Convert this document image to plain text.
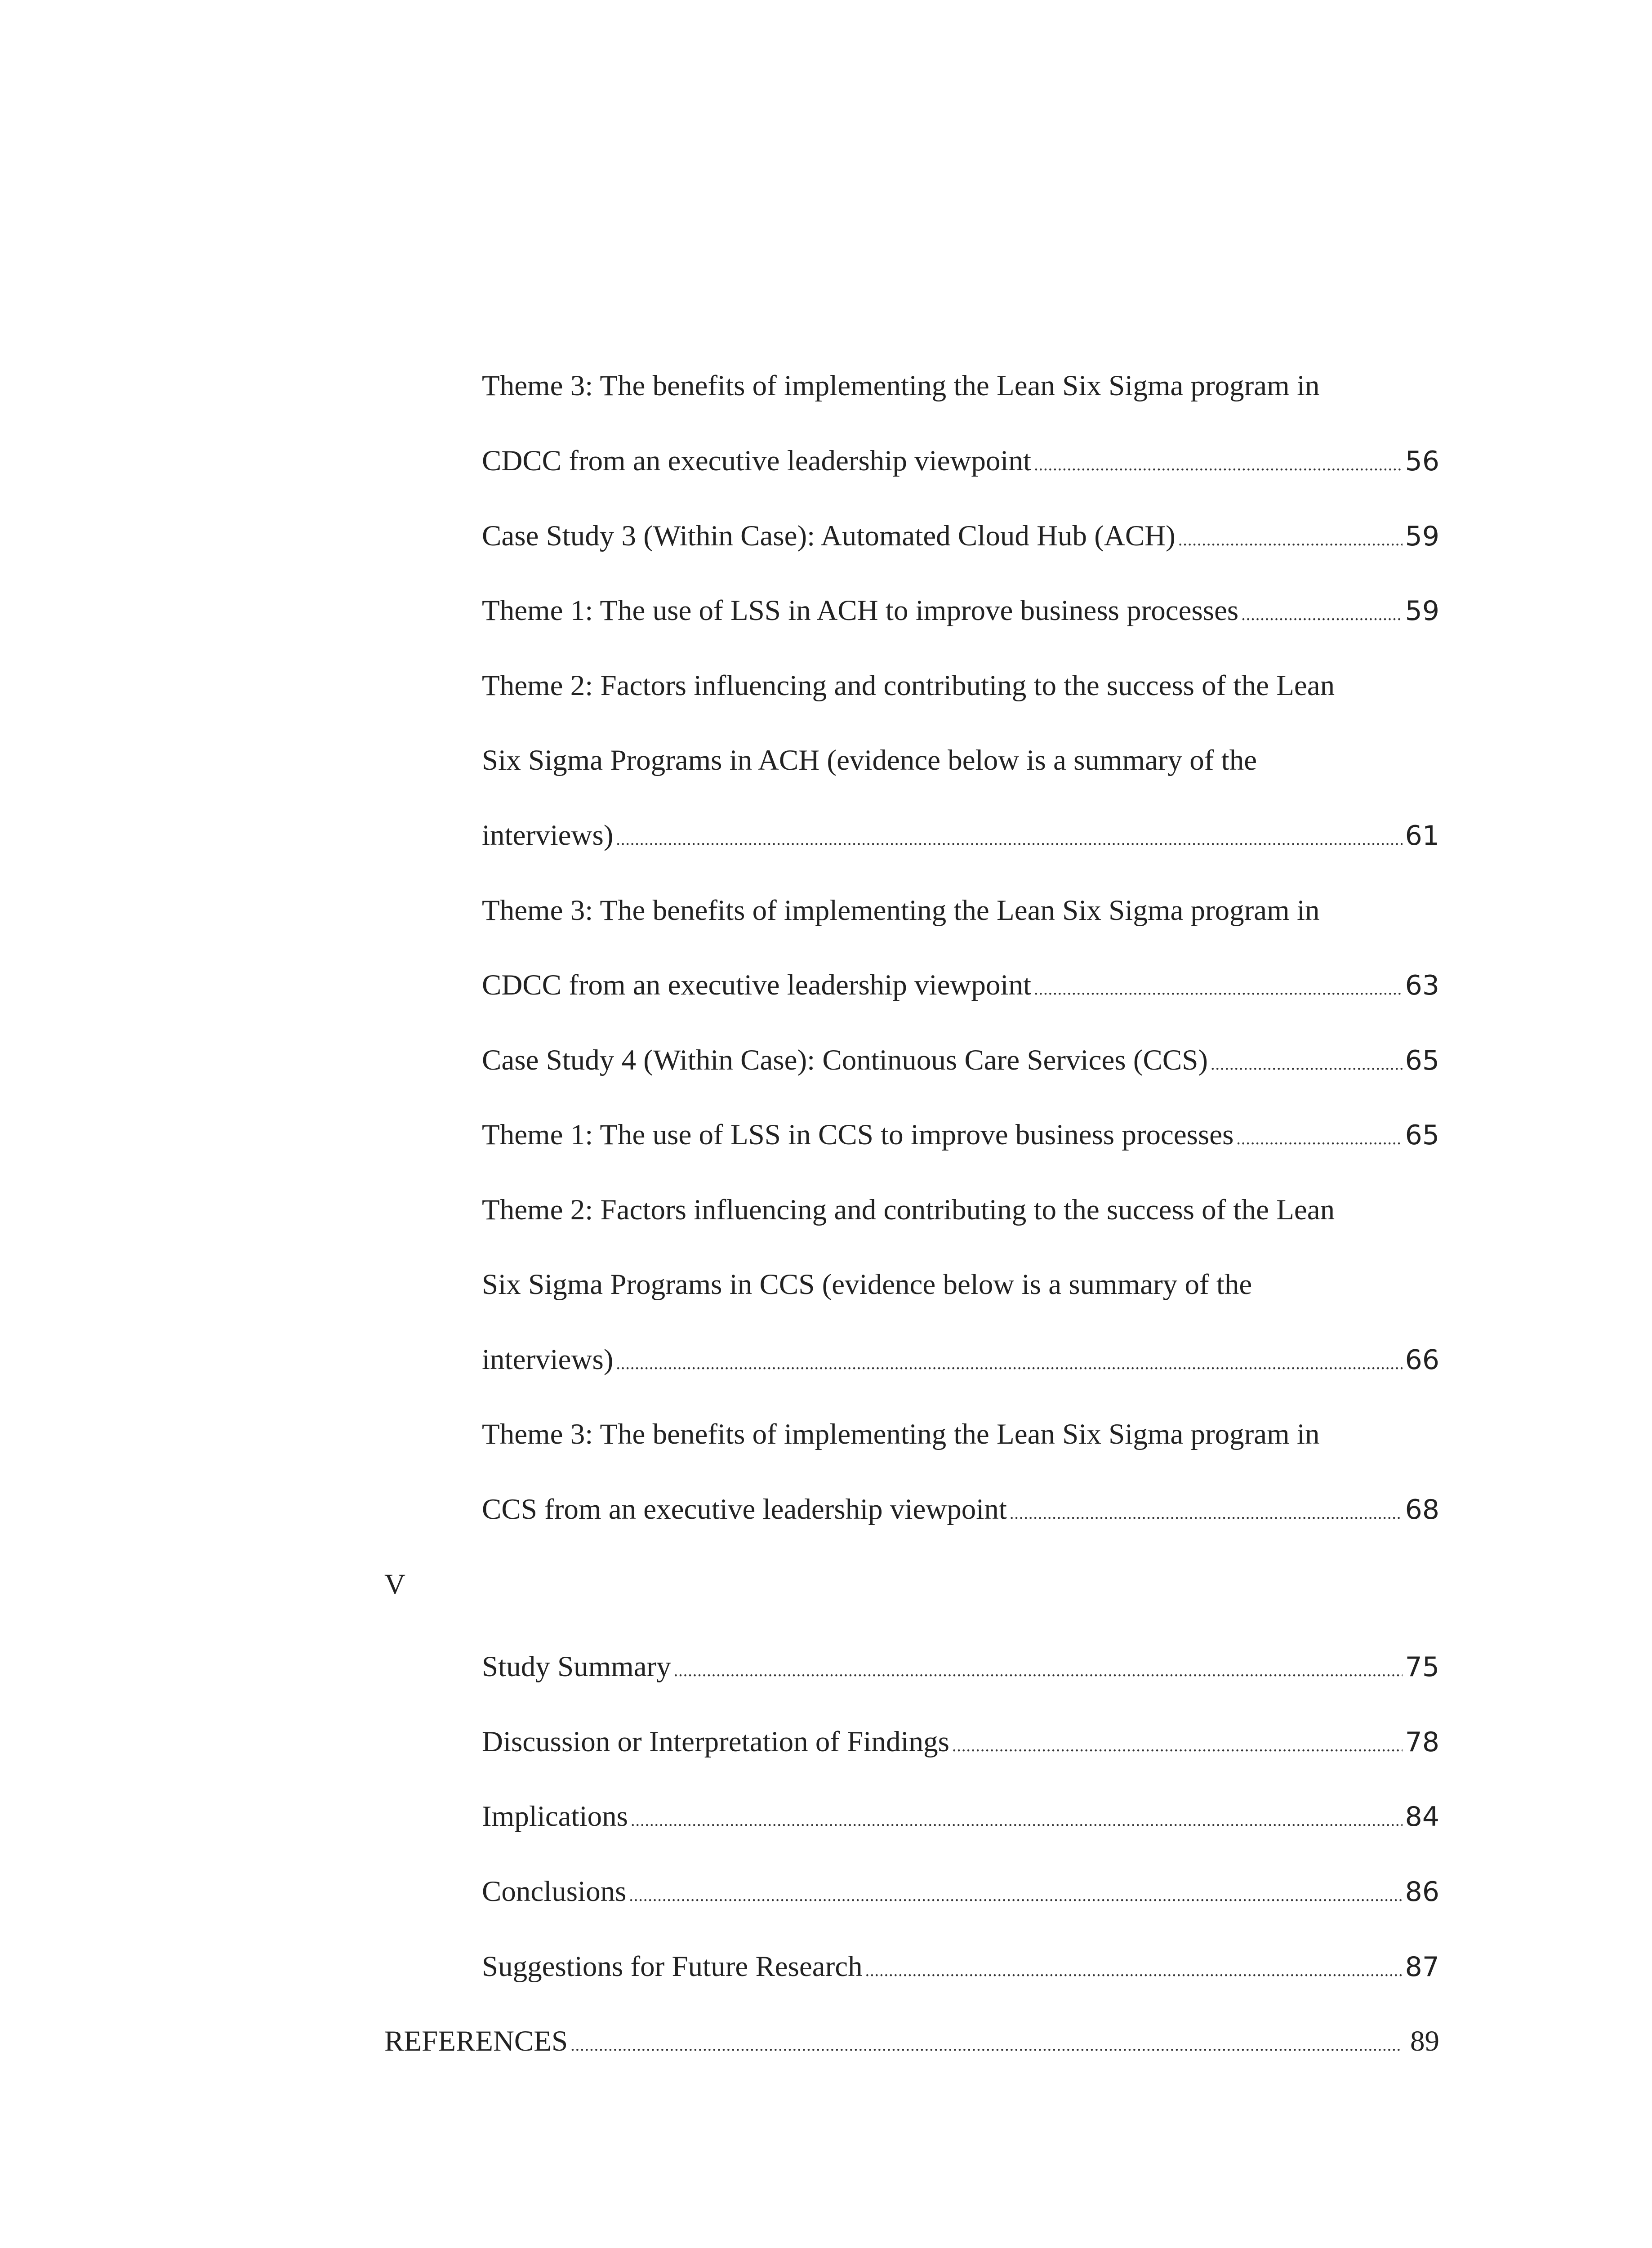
Theme 3: The benefits of implementing the Lean Six Sigma program in
CDCC from an executive leadership viewpoint .....	56
Case Study 3 (Within Case): Automated Cloud Hub (ACH) .....	59
Theme 1: The use of LSS in ACH to improve business processes .....	59
Theme 2: Factors influencing and contributing to the success of the Lean
Six Sigma Programs in ACH (evidence below is a summary of the
interviews) .....	61
Theme 3: The benefits of implementing the Lean Six Sigma program in
CDCC from an executive leadership viewpoint .....	63
Case Study 4 (Within Case): Continuous Care Services (CCS) .....	65
Theme 1: The use of LSS in CCS to improve business processes .....	65
Theme 2: Factors influencing and contributing to the success of the Lean
Six Sigma Programs in CCS (evidence below is a summary of the
interviews) .....	66
Theme 3: The benefits of implementing the Lean Six Sigma program in
CCS from an executive leadership viewpoint .....	68
V
Study Summary .....	75
Discussion or Interpretation of Findings .....	78
Implications .....	84
Conclusions .....	86
Suggestions for Future Research .....	87
REFERENCES .....	89
